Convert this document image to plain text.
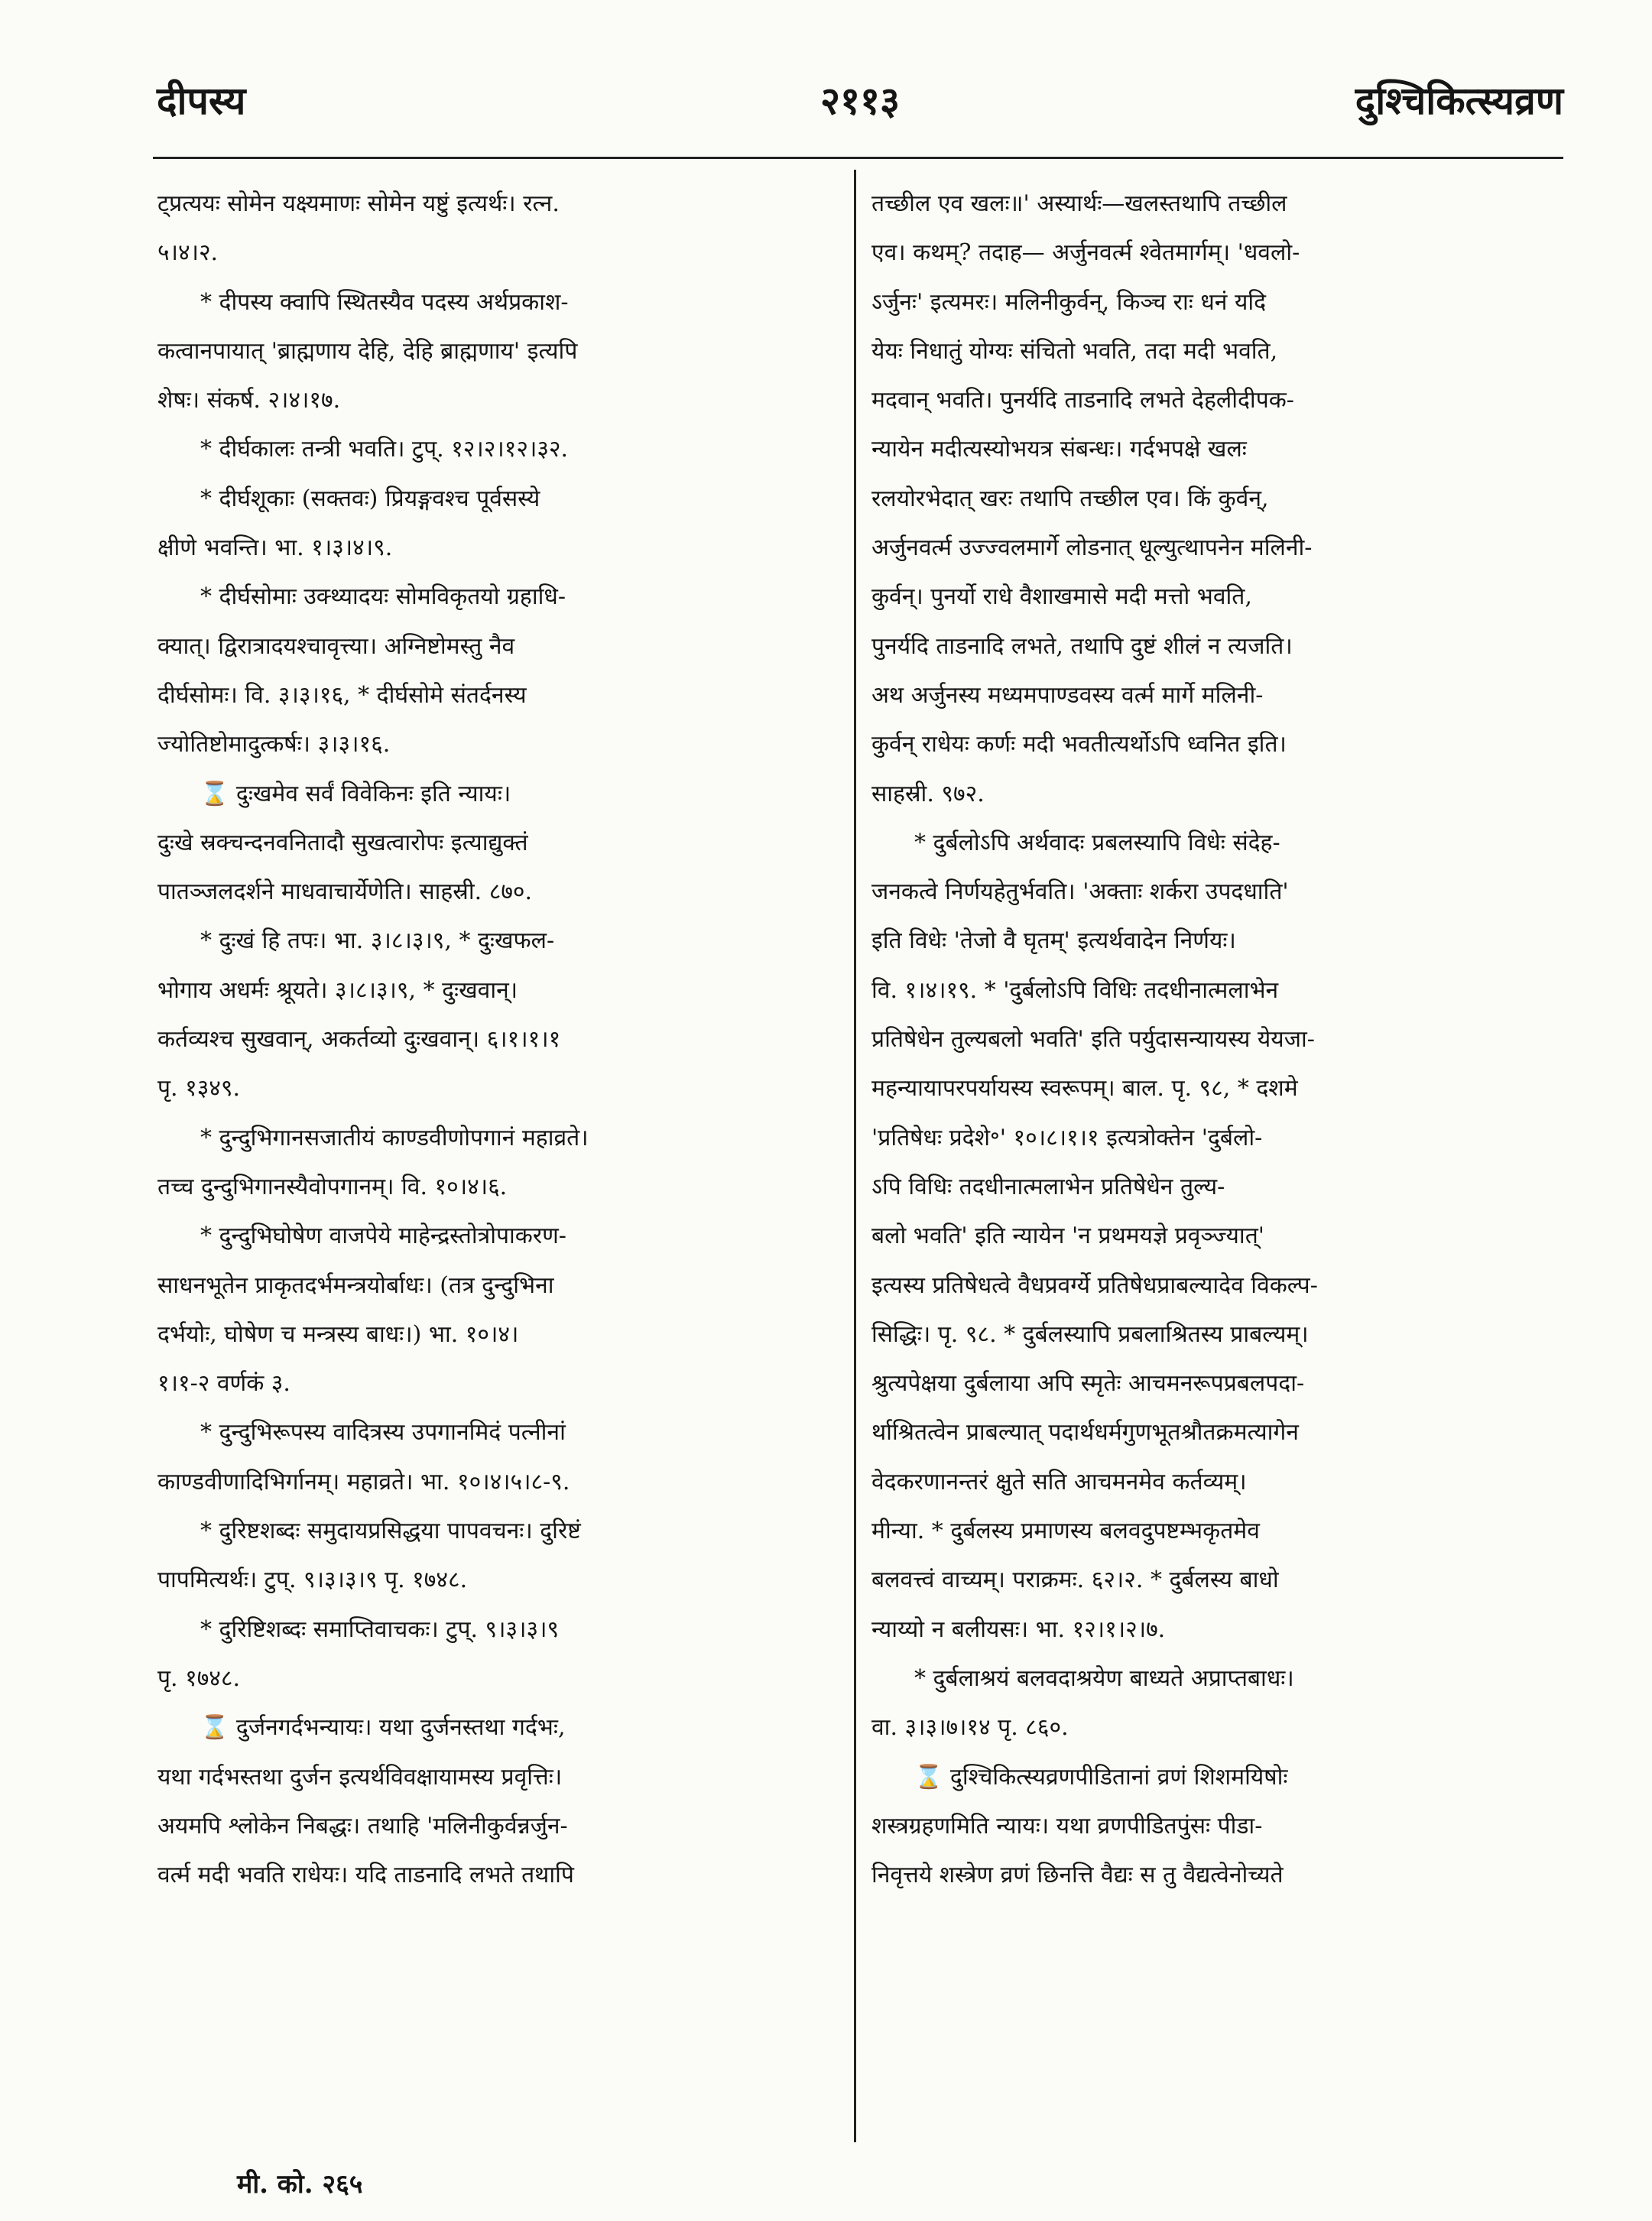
दीपस्य	२११३	दुश्चिकित्स्यव्रण
ट्प्रत्ययः सोमेन यक्ष्यमाणः सोमेन यष्टुं इत्यर्थः। रत्न.
५।४।२.
* दीपस्य क्वापि स्थितस्यैव पदस्य अर्थप्रकाश-
कत्वानपायात् 'ब्राह्मणाय देहि, देहि ब्राह्मणाय' इत्यपि
शेषः। संकर्ष. २।४।१७.
* दीर्घकालः तन्त्री भवति। टुप्. १२।२।१२।३२.
* दीर्घशूकाः (सक्तवः) प्रियङ्गवश्च पूर्वसस्ये
क्षीणे भवन्ति। भा. १।३।४।९.
* दीर्घसोमाः उक्थ्यादयः सोमविकृतयो ग्रहाधि-
क्यात्। द्विरात्रादयश्चावृत्त्या। अग्निष्टोमस्तु नैव
दीर्घसोमः। वि. ३।३।१६, * दीर्घसोमे संतर्दनस्य
ज्योतिष्टोमादुत्कर्षः। ३।३।१६.
⌛ दुःखमेव सर्वं विवेकिनः इति न्यायः।
दुःखे स्रक्चन्दनवनितादौ सुखत्वारोपः इत्याद्युक्तं
पातञ्जलदर्शने माधवाचार्येणेति। साहस्री. ८७०.
* दुःखं हि तपः। भा. ३।८।३।९, * दुःखफल-
भोगाय अधर्मः श्रूयते। ३।८।३।९, * दुःखवान्।
कर्तव्यश्च सुखवान्, अकर्तव्यो दुःखवान्। ६।१।१।१
पृ. १३४९.
* दुन्दुभिगानसजातीयं काण्डवीणोपगानं महाव्रते।
तच्च दुन्दुभिगानस्यैवोपगानम्। वि. १०।४।६.
* दुन्दुभिघोषेण वाजपेये माहेन्द्रस्तोत्रोपाकरण-
साधनभूतेन प्राकृतदर्भमन्त्रयोर्बाधः। (तत्र दुन्दुभिना
दर्भयोः, घोषेण च मन्त्रस्य बाधः।) भा. १०।४।
१।१-२ वर्णकं ३.
* दुन्दुभिरूपस्य वादित्रस्य उपगानमिदं पत्नीनां
काण्डवीणादिभिर्गानम्। महाव्रते। भा. १०।४।५।८-९.
* दुरिष्टशब्दः समुदायप्रसिद्धया पापवचनः। दुरिष्टं
पापमित्यर्थः। टुप्. ९।३।३।९ पृ. १७४८.
* दुरिष्टिशब्दः समाप्तिवाचकः। टुप्. ९।३।३।९
पृ. १७४८.
⌛ दुर्जनगर्दभन्यायः। यथा दुर्जनस्तथा गर्दभः,
यथा गर्दभस्तथा दुर्जन इत्यर्थविवक्षायामस्य प्रवृत्तिः।
अयमपि श्लोकेन निबद्धः। तथाहि 'मलिनीकुर्वन्नर्जुन-
वर्त्म मदी भवति राधेयः। यदि ताडनादि लभते तथापि
तच्छील एव खलः॥' अस्यार्थः—खलस्तथापि तच्छील
एव। कथम्? तदाह— अर्जुनवर्त्म श्वेतमार्गम्। 'धवलो-
ऽर्जुनः' इत्यमरः। मलिनीकुर्वन्, किञ्च राः धनं यदि
येयः निधातुं योग्यः संचितो भवति, तदा मदी भवति,
मदवान् भवति। पुनर्यदि ताडनादि लभते देहलीदीपक-
न्यायेन मदीत्यस्योभयत्र संबन्धः। गर्दभपक्षे खलः
रलयोरभेदात् खरः तथापि तच्छील एव। किं कुर्वन्,
अर्जुनवर्त्म उज्ज्वलमार्गे लोडनात् धूल्युत्थापनेन मलिनी-
कुर्वन्। पुनर्यो राधे वैशाखमासे मदी मत्तो भवति,
पुनर्यदि ताडनादि लभते, तथापि दुष्टं शीलं न त्यजति।
अथ अर्जुनस्य मध्यमपाण्डवस्य वर्त्म मार्गे मलिनी-
कुर्वन् राधेयः कर्णः मदी भवतीत्यर्थोऽपि ध्वनित इति।
साहस्री. ९७२.
* दुर्बलोऽपि अर्थवादः प्रबलस्यापि विधेः संदेह-
जनकत्वे निर्णयहेतुर्भवति। 'अक्ताः शर्करा उपदधाति'
इति विधेः 'तेजो वै घृतम्' इत्यर्थवादेन निर्णयः।
वि. १।४।१९. * 'दुर्बलोऽपि विधिः तदधीनात्मलाभेन
प्रतिषेधेन तुल्यबलो भवति' इति पर्युदासन्यायस्य येयजा-
महन्यायापरपर्यायस्य स्वरूपम्। बाल. पृ. ९८, * दशमे
'प्रतिषेधः प्रदेशे॰' १०।८।१।१ इत्यत्रोक्तेन 'दुर्बलो-
ऽपि विधिः तदधीनात्मलाभेन प्रतिषेधेन तुल्य-
बलो भवति' इति न्यायेन 'न प्रथमयज्ञे प्रवृञ्ज्यात्'
इत्यस्य प्रतिषेधत्वे वैधप्रवर्ग्ये प्रतिषेधप्राबल्यादेव विकल्प-
सिद्धिः। पृ. ९८. * दुर्बलस्यापि प्रबलाश्रितस्य प्राबल्यम्।
श्रुत्यपेक्षया दुर्बलाया अपि स्मृतेः आचमनरूपप्रबलपदा-
र्थाश्रितत्वेन प्राबल्यात् पदार्थधर्मगुणभूतश्रौतक्रमत्यागेन
वेदकरणानन्तरं क्षुते सति आचमनमेव कर्तव्यम्।
मीन्या. * दुर्बलस्य प्रमाणस्य बलवदुपष्टम्भकृतमेव
बलवत्त्वं वाच्यम्। पराक्रमः. ६२।२. * दुर्बलस्य बाधो
न्याय्यो न बलीयसः। भा. १२।१।२।७.
* दुर्बलाश्रयं बलवदाश्रयेण बाध्यते अप्राप्तबाधः।
वा. ३।३।७।१४ पृ. ८६०.
⌛ दुश्चिकित्स्यव्रणपीडितानां व्रणं शिशमयिषोः
शस्त्रग्रहणमिति न्यायः। यथा व्रणपीडितपुंसः पीडा-
निवृत्तये शस्त्रेण व्रणं छिनत्ति वैद्यः स तु वैद्यत्वेनोच्यते
मी. को. २६५
